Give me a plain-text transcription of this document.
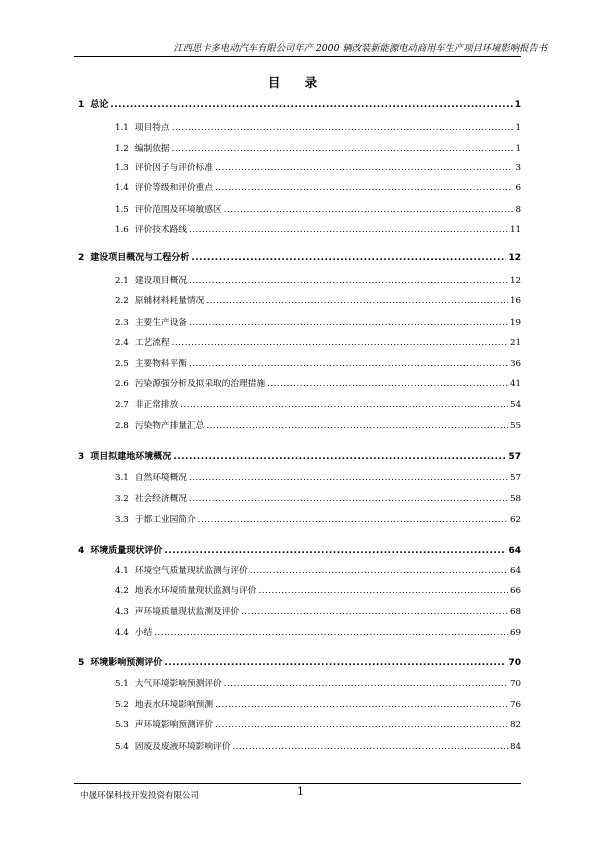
江西思卡多电动汽车有限公司年产 2000 辆改装新能源电动商用车生产项目环境影响报告书
目 录
1 总论 .....	1
1.1 项目特点 .....	1
1.2 编制依据 .....	1
1.3 评价因子与评价标准 .....	3
1.4 评价等级和评价重点 .....	6
1.5 评价范围及环境敏感区 .....	8
1.6 评价技术路线 .....	11
2 建设项目概况与工程分析 .....	12
2.1 建设项目概况 .....	12
2.2 原辅材料耗量情况 .....	16
2.3 主要生产设备 .....	19
2.4 工艺流程 .....	21
2.5 主要物料平衡 .....	36
2.6 污染源强分析及拟采取的治理措施 .....	41
2.7 非正常排放 .....	54
2.8 污染物产排量汇总 .....	55
3 项目拟建地环境概况 .....	57
3.1 自然环境概况 .....	57
3.2 社会经济概况 .....	58
3.3 于都工业园简介 .....	62
4 环境质量现状评价 .....	64
4.1 环境空气质量现状监测与评价 .....	64
4.2 地表水环境质量现状监测与评价 .....	66
4.3 声环境质量现状监测及评价 .....	68
4.4 小结 .....	69
5 环境影响预测评价 .....	70
5.1 大气环境影响预测评价 .....	70
5.2 地表水环境影响预测 .....	76
5.3 声环境影响预测评价 .....	82
5.4 固废及废液环境影响评价 .....	84
中晟环保科技开发投资有限公司	1
